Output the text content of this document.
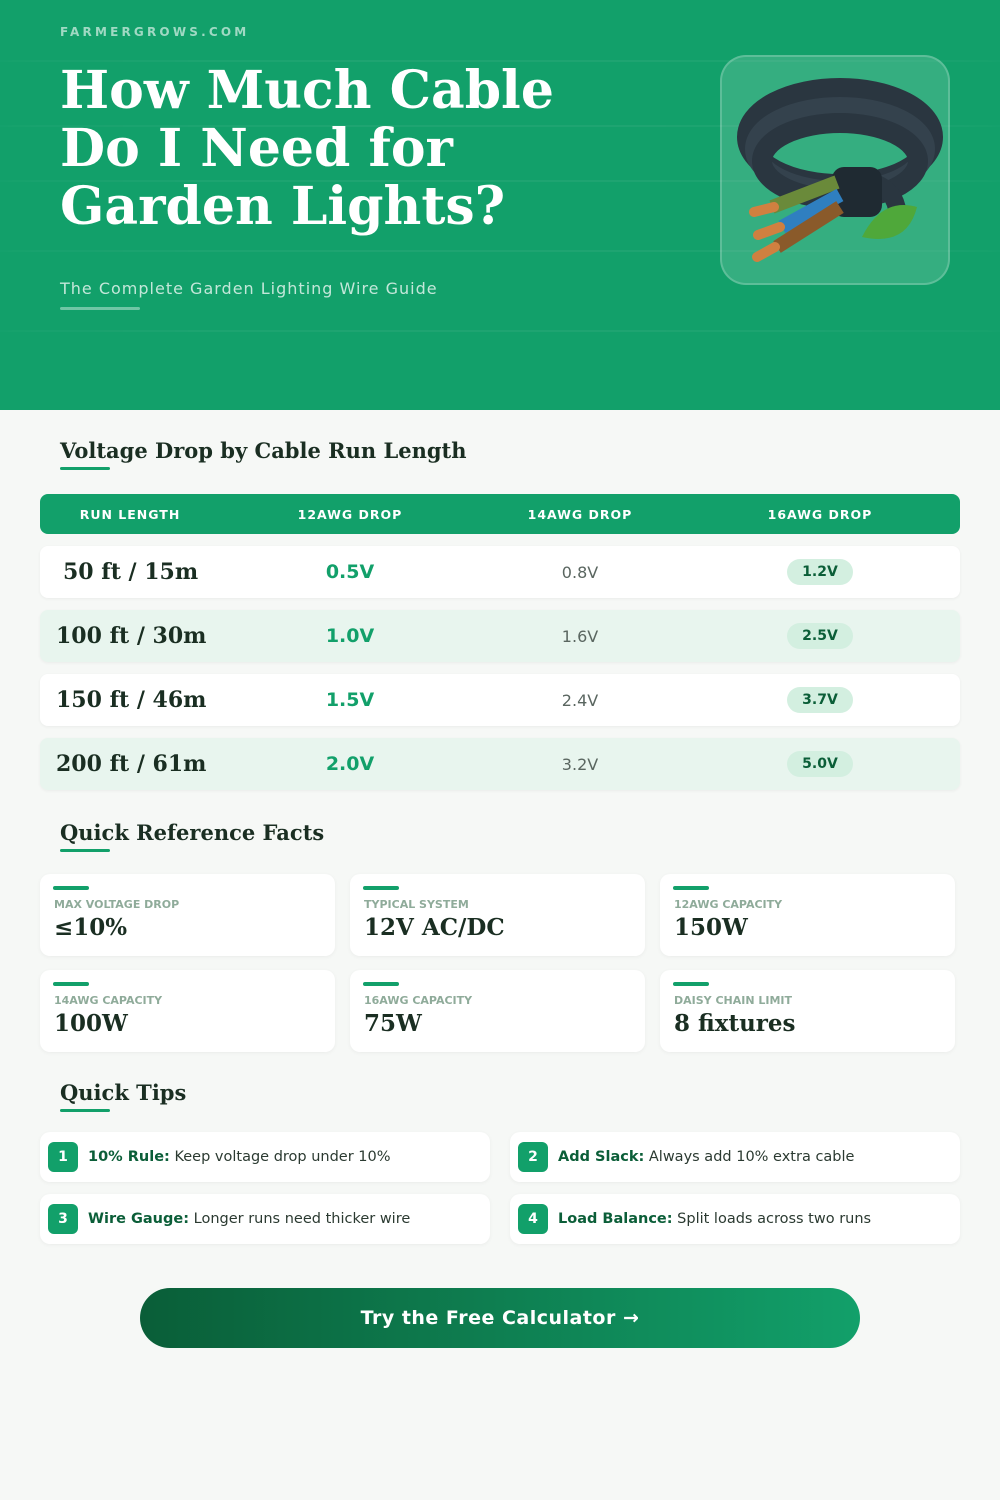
FARMERGROWS.COM
How Much Cable Do I Need for Garden Lights?
The Complete Garden Lighting Wire Guide
Voltage Drop by Cable Run Length
RUN LENGTH	12AWG DROP	14AWG DROP	16AWG DROP
50 ft / 15m	0.5V	0.8V	1.2V
100 ft / 30m	1.0V	1.6V	2.5V
150 ft / 46m	1.5V	2.4V	3.7V
200 ft / 61m	2.0V	3.2V	5.0V
Quick Reference Facts
MAX VOLTAGE DROP
≤10%
TYPICAL SYSTEM
12V AC/DC
12AWG CAPACITY
150W
14AWG CAPACITY
100W
16AWG CAPACITY
75W
DAISY CHAIN LIMIT
8 fixtures
Quick Tips
1	10% Rule: Keep voltage drop under 10%	2	Add Slack: Always add 10% extra cable
3	Wire Gauge: Longer runs need thicker wire	4	Load Balance: Split loads across two runs
Try the Free Calculator →
